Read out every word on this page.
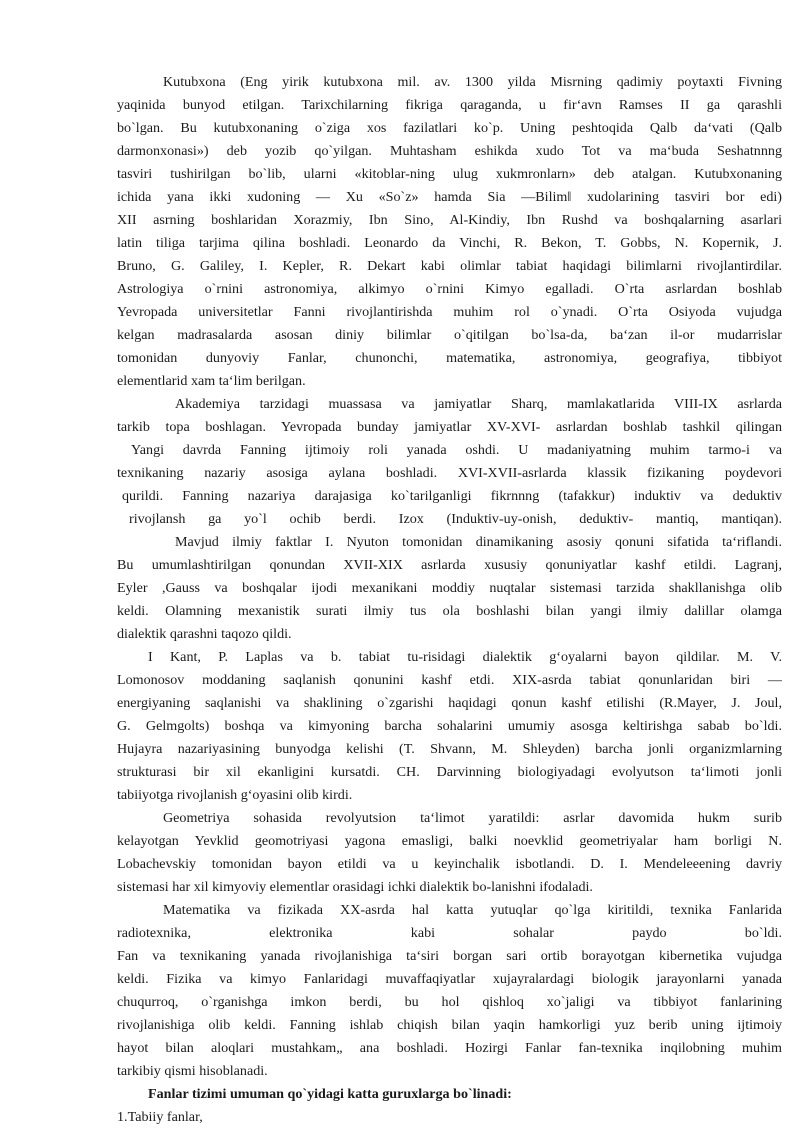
Kutubxona (Eng yirik kutubxona mil. av. 1300 yilda Misrning qadimiy poytaxti Fivning
yaqinida bunyod etilgan. Tarixchilarning fikriga qaraganda, u fir‘avn Ramses II ga qarashli
bo`lgan. Bu kutubxonaning o`ziga xos fazilatlari ko`p. Uning peshtoqida Qalb da‘vati (Qalb
darmonxonasi») deb yozib qo`yilgan. Muhtasham eshikda xudo Tot va ma‘buda Seshatnnng
tasviri tushirilgan bo`lib, ularni «kitoblar-ning ulug xukmronlarn» deb atalgan. Kutubxonaning
ichida yana ikki xudoning — Xu «So`z» hamda Sia —Bilim‖ xudolarining tasviri bor edi)
XII asrning boshlaridan Xorazmiy, Ibn Sino, Al-Kindiy, Ibn Rushd va boshqalarning asarlari
latin tiliga tarjima qilina boshladi. Leonardo da Vinchi, R. Bekon, T. Gobbs, N. Kopernik, J.
Bruno, G. Galiley, I. Kepler, R. Dekart kabi olimlar tabiat haqidagi bilimlarni rivojlantirdilar.
Astrologiya o`rnini astronomiya, alkimyo o`rnini Kimyo egalladi. O`rta asrlardan boshlab
Yevropada universitetlar Fanni rivojlantirishda muhim rol o`ynadi. O`rta Osiyoda vujudga
kelgan madrasalarda asosan diniy bilimlar o`qitilgan bo`lsa-da, ba‘zan il-or mudarrislar
tomonidan dunyoviy Fanlar, chunonchi, matematika, astronomiya, geografiya, tibbiyot
elementlarid xam ta‘lim berilgan.
Akademiya tarzidagi muassasa va jamiyatlar Sharq, mamlakatlarida VIII-IX asrlarda
tarkib topa boshlagan. Yevropada bunday jamiyatlar XV-XVI- asrlardan boshlab tashkil qilingan
Yangi davrda Fanning ijtimoiy roli yanada oshdi. U madaniyatning muhim tarmo-i va
texnikaning nazariy asosiga aylana boshladi. XVI-XVII-asrlarda klassik fizikaning poydevori
qurildi. Fanning nazariya darajasiga ko`tarilganligi fikrnnng (tafakkur) induktiv va deduktiv
rivojlansh ga yo`l ochib berdi. Izox (Induktiv-uy-onish, deduktiv- mantiq, mantiqan).
Mavjud ilmiy faktlar I. Nyuton tomonidan dinamikaning asosiy qonuni sifatida ta‘riflandi.
Bu umumlashtirilgan qonundan XVII-XIX asrlarda xususiy qonuniyatlar kashf etildi. Lagranj,
Eyler ,Gauss va boshqalar ijodi mexanikani moddiy nuqtalar sistemasi tarzida shakllanishga olib
keldi. Olamning mexanistik surati ilmiy tus ola boshlashi bilan yangi ilmiy dalillar olamga
dialektik qarashni taqozo qildi.
I Kant, P. Laplas va b. tabiat tu-risidagi dialektik g‘oyalarni bayon qildilar. M. V.
Lomonosov moddaning saqlanish qonunini kashf etdi. XIX-asrda tabiat qonunlaridan biri —
energiyaning saqlanishi va shaklining o`zgarishi haqidagi qonun kashf etilishi (R.Mayer, J. Joul,
G. Gelmgolts) boshqa va kimyoning barcha sohalarini umumiy asosga keltirishga sabab bo`ldi.
Hujayra nazariyasining bunyodga kelishi (T. Shvann, M. Shleyden) barcha jonli organizmlarning
strukturasi bir xil ekanligini kursatdi. CH. Darvinning biologiyadagi evolyutson ta‘limoti jonli
tabiiyotga rivojlanish g‘oyasini olib kirdi.
Geometriya sohasida revolyutsion ta‘limot yaratildi: asrlar davomida hukm surib
kelayotgan Yevklid geomotriyasi yagona emasligi, balki noevklid geometriyalar ham borligi N.
Lobachevskiy tomonidan bayon etildi va u keyinchalik isbotlandi. D. I. Mendeleeening davriy
sistemasi har xil kimyoviy elementlar orasidagi ichki dialektik bo-lanishni ifodaladi.
Matematika va fizikada XX-asrda hal katta yutuqlar qo`lga kiritildi, texnika Fanlarida
radiotexnika, elektronika kabi sohalar paydo bo`ldi.
Fan va texnikaning yanada rivojlanishiga ta‘siri borgan sari ortib borayotgan kibernetika vujudga
keldi. Fizika va kimyo Fanlaridagi muvaffaqiyatlar xujayralardagi biologik jarayonlarni yanada
chuqurroq, o`rganishga imkon berdi, bu hol qishloq xo`jaligi va tibbiyot fanlarining
rivojlanishiga olib keldi. Fanning ishlab chiqish bilan yaqin hamkorligi yuz berib uning ijtimoiy
hayot bilan aloqlari mustahkam„ ana boshladi. Hozirgi Fanlar fan-texnika inqilobning muhim
tarkibiy qismi hisoblanadi.
Fanlar tizimi umuman qo`yidagi katta guruxlarga bo`linadi:
1.Tabiiy fanlar,
